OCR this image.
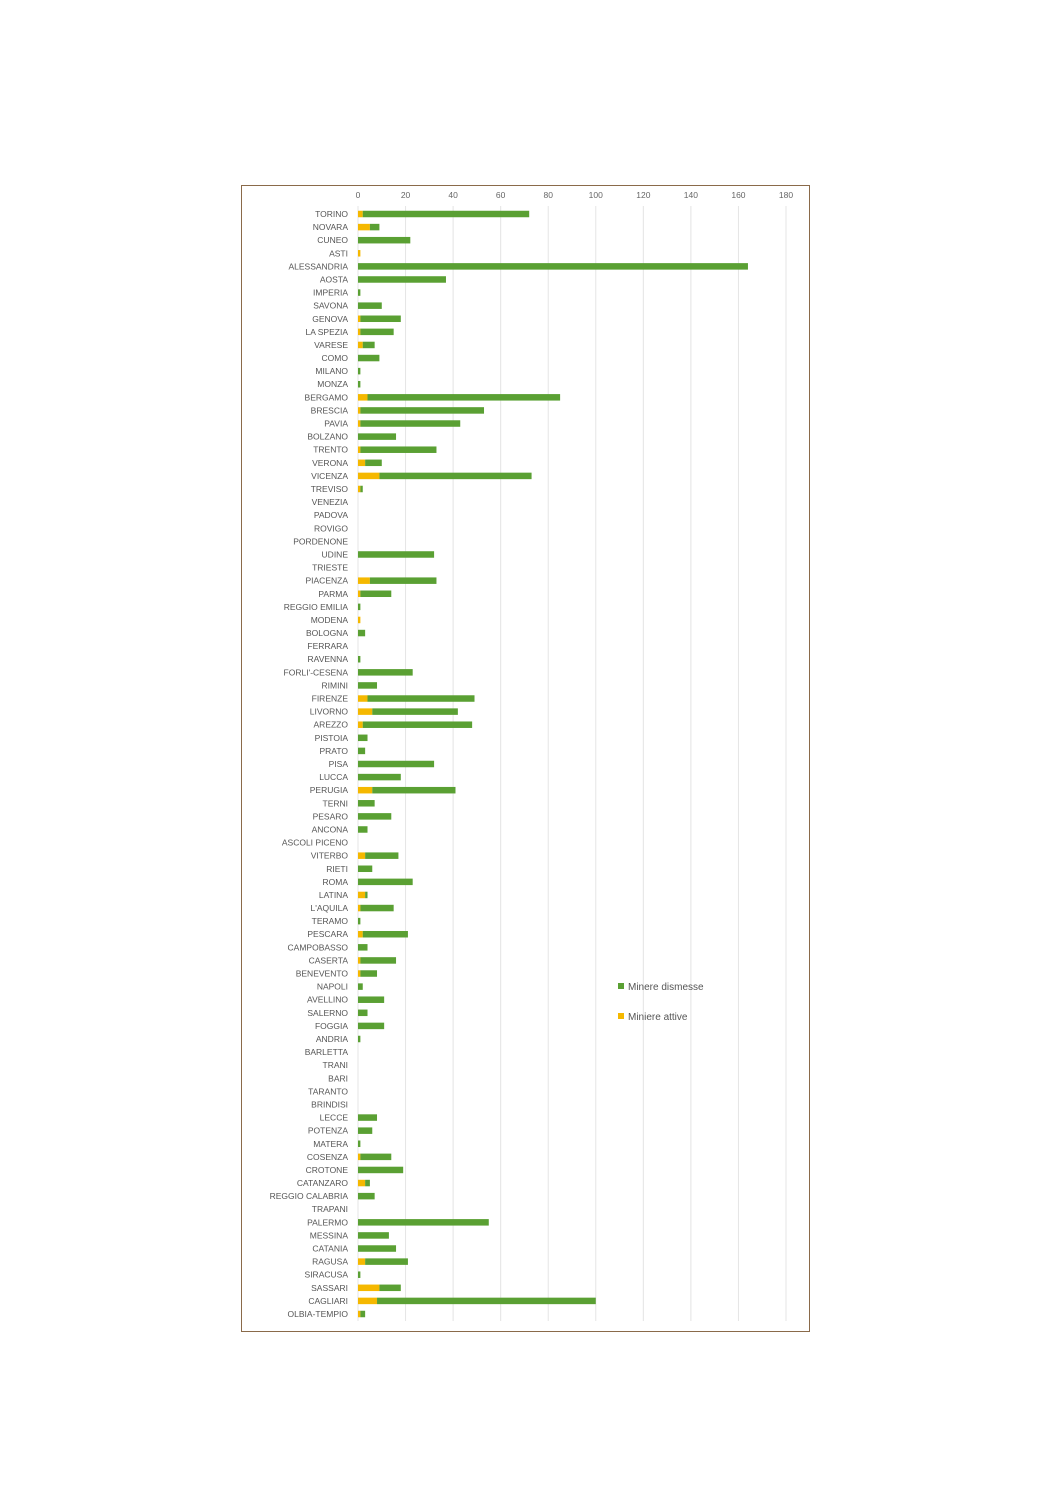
0	20	40	60	80	100	120	140	160	180
TORINO
NOVARA
CUNEO
ASTI
ALESSANDRIA
AOSTA
IMPERIA
SAVONA
GENOVA
LA SPEZIA
VARESE
COMO
MILANO
MONZA
BERGAMO
BRESCIA
PAVIA
BOLZANO
TRENTO
VERONA
VICENZA
TREVISO
VENEZIA
PADOVA
ROVIGO
PORDENONE
UDINE
TRIESTE
PIACENZA
PARMA
REGGIO EMILIA
MODENA
BOLOGNA
FERRARA
RAVENNA
FORLI'-CESENA
RIMINI
FIRENZE
LIVORNO
AREZZO
PISTOIA
PRATO
PISA
LUCCA
PERUGIA
TERNI
PESARO
ANCONA
ASCOLI PICENO
VITERBO
RIETI
ROMA
LATINA
L'AQUILA
TERAMO
PESCARA
CAMPOBASSO
CASERTA
BENEVENTO
NAPOLI
AVELLINO
SALERNO
FOGGIA
ANDRIA
BARLETTA
TRANI
BARI
TARANTO
BRINDISI
LECCE
POTENZA
MATERA
COSENZA
CROTONE
CATANZARO
REGGIO CALABRIA
TRAPANI
PALERMO
MESSINA
CATANIA
RAGUSA
SIRACUSA
SASSARI
CAGLIARI
OLBIA-TEMPIO
Minere dismesse
Miniere attive
